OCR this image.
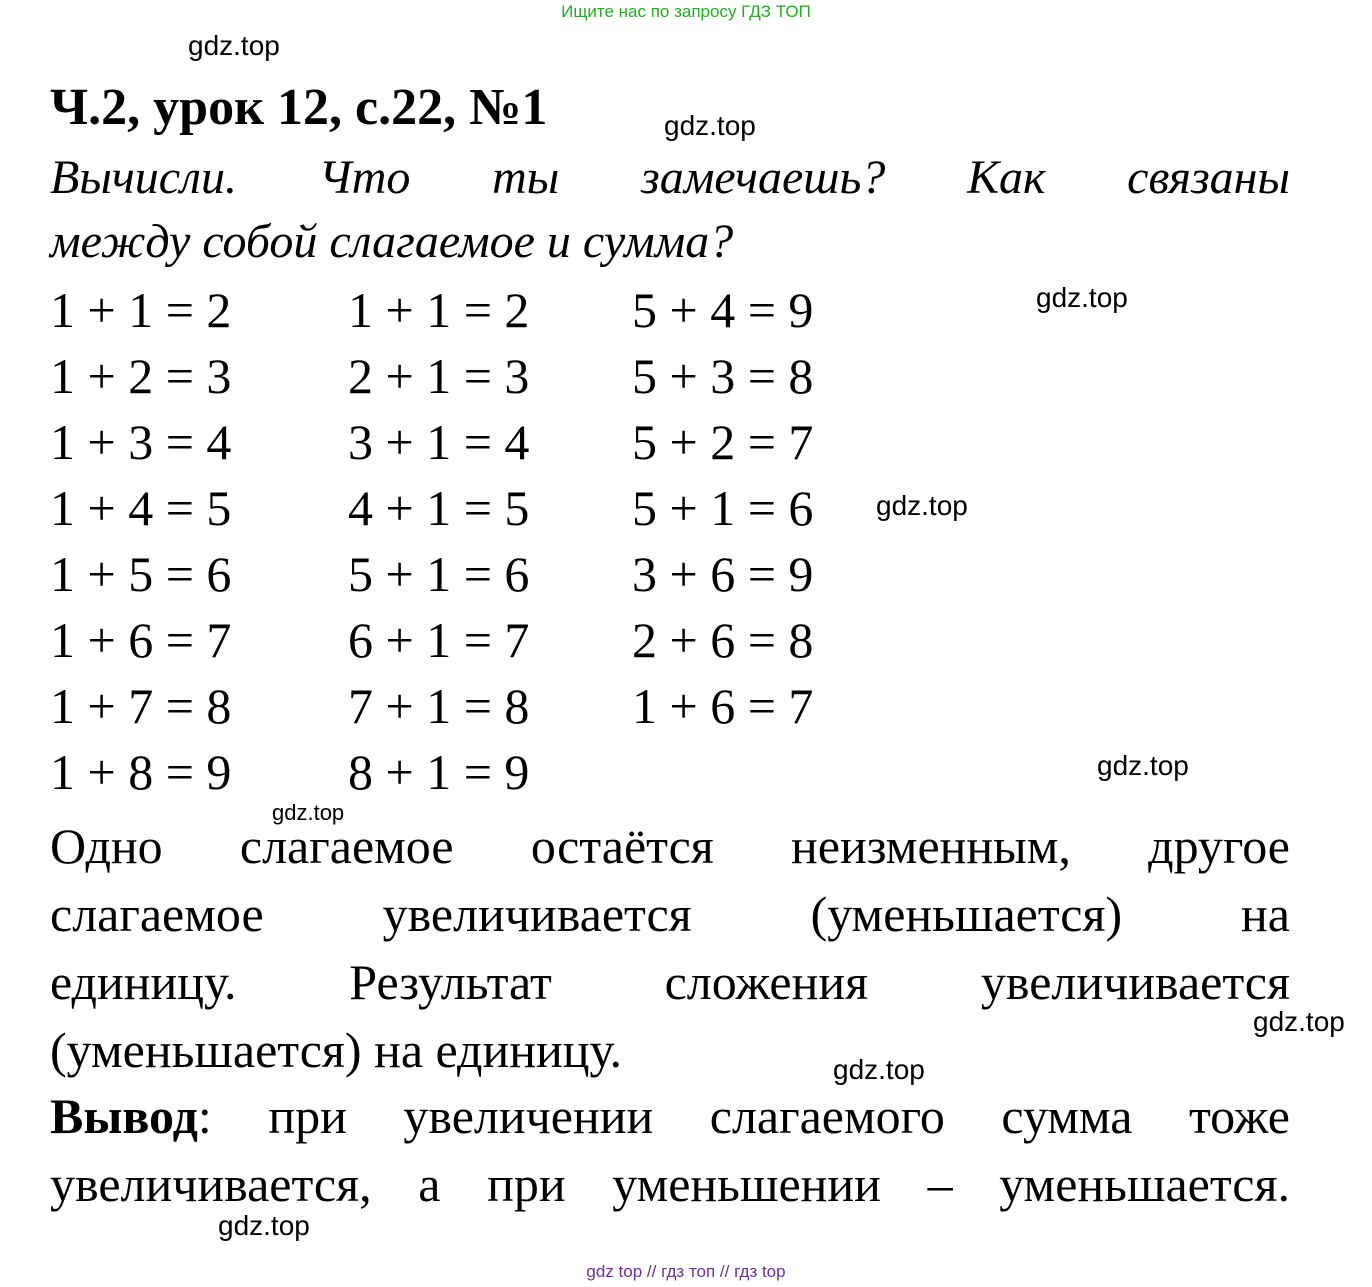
Ищите нас по запросу ГДЗ ТОП
gdz.top
gdz.top
gdz.top
gdz.top
gdz.top
gdz.top
gdz.top
gdz.top
gdz.top
Ч.2, урок 12, с.22, №1
Вычисли. Что ты замечаешь? Как связаны
между собой слагаемое и сумма?
1 + 1 = 2
1 + 2 = 3
1 + 3 = 4
1 + 4 = 5
1 + 5 = 6
1 + 6 = 7
1 + 7 = 8
1 + 8 = 9
1 + 1 = 2
2 + 1 = 3
3 + 1 = 4
4 + 1 = 5
5 + 1 = 6
6 + 1 = 7
7 + 1 = 8
8 + 1 = 9
5 + 4 = 9
5 + 3 = 8
5 + 2 = 7
5 + 1 = 6
3 + 6 = 9
2 + 6 = 8
1 + 6 = 7
Одно слагаемое остаётся неизменным, другое
слагаемое увеличивается (уменьшается) на
единицу. Результат сложения увеличивается
(уменьшается) на единицу.
Вывод: при увеличении слагаемого сумма тоже
увеличивается, а при уменьшении – уменьшается.
gdz top // гдз топ // гдз top
